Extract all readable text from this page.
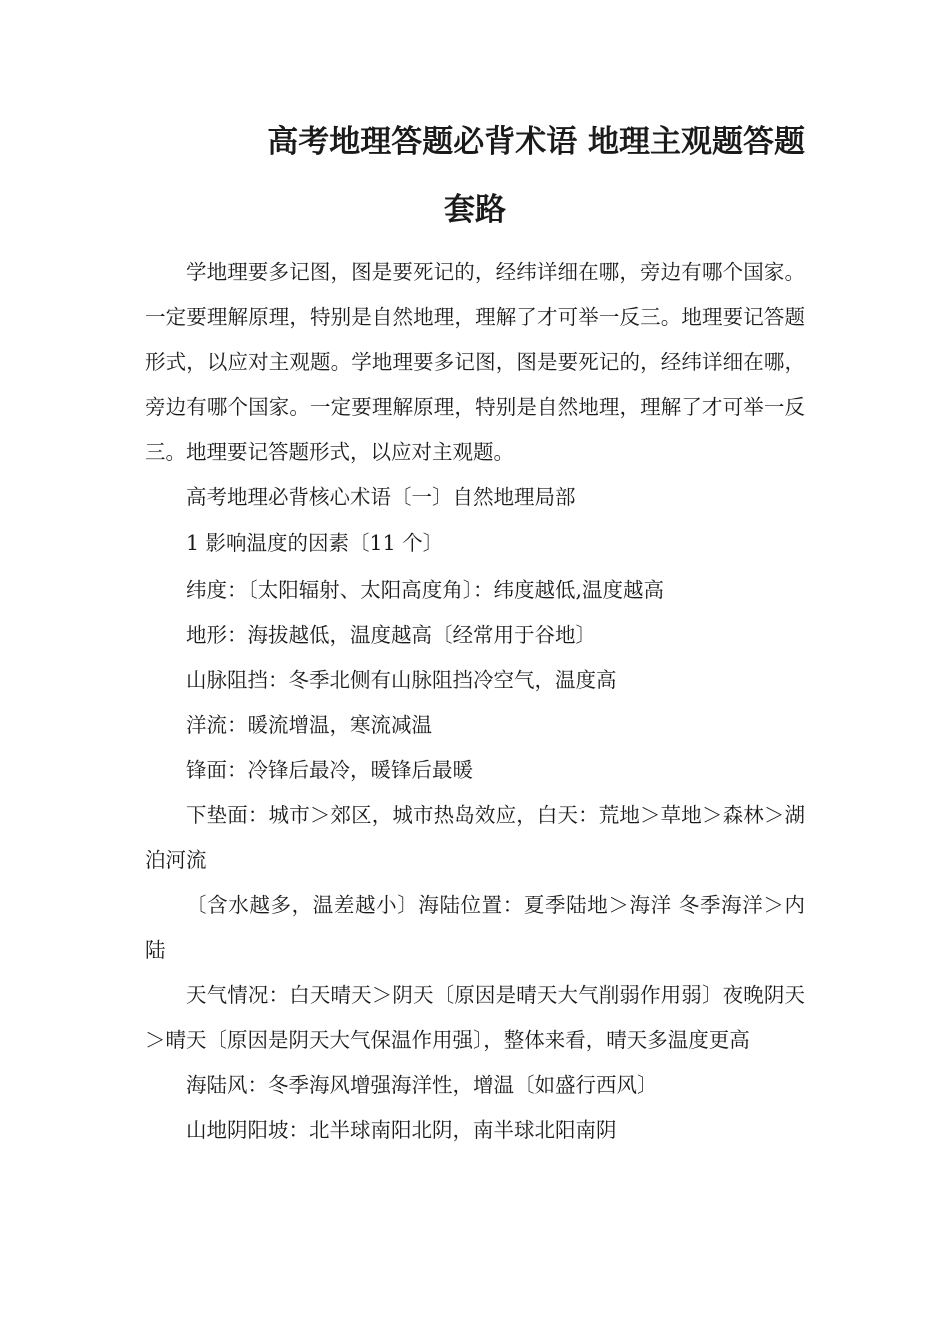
高考地理答题必背术语 地理主观题答题
套路

学地理要多记图，图是要死记的，经纬详细在哪，旁边有哪个国家。一定要理解原理，特别是自然地理，理解了才可举一反三。地理要记答题形式，以应对主观题。学地理要多记图，图是要死记的，经纬详细在哪，旁边有哪个国家。一定要理解原理，特别是自然地理，理解了才可举一反三。地理要记答题形式，以应对主观题。

高考地理必背核心术语〔一〕自然地理局部

1 影响温度的因素〔11 个〕

纬度：〔太阳辐射、太阳高度角〕：纬度越低,温度越高

地形：海拔越低，温度越高〔经常用于谷地〕

山脉阻挡：冬季北侧有山脉阻挡冷空气，温度高

洋流：暖流增温，寒流减温

锋面：冷锋后最冷，暖锋后最暖

下垫面：城市＞郊区，城市热岛效应，白天：荒地＞草地＞森林＞湖泊河流

〔含水越多，温差越小〕海陆位置：夏季陆地＞海洋 冬季海洋＞内陆

天气情况：白天晴天＞阴天〔原因是晴天大气削弱作用弱〕夜晚阴天＞晴天〔原因是阴天大气保温作用强〕，整体来看，晴天多温度更高

海陆风：冬季海风增强海洋性，增温〔如盛行西风〕

山地阴阳坡：北半球南阳北阴，南半球北阳南阴
